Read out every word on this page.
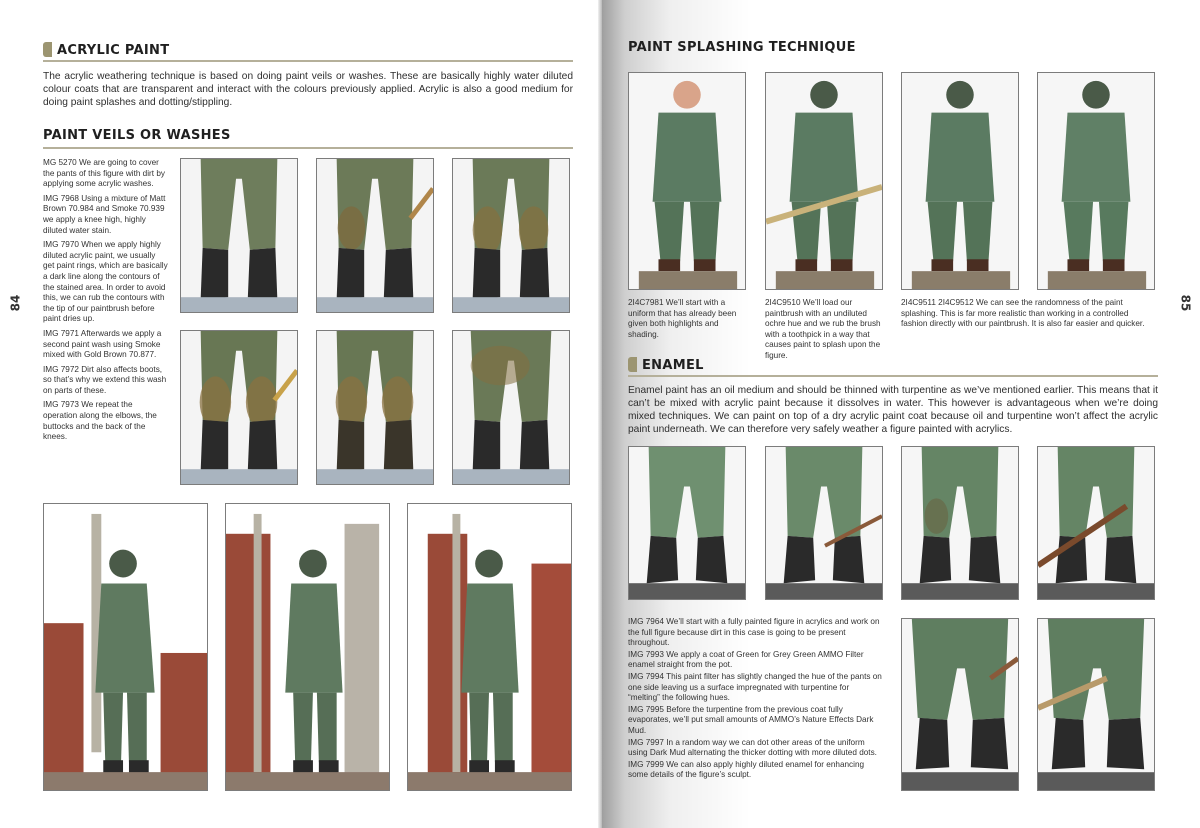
ACRYLIC PAINT
The acrylic weathering technique is based on doing paint veils or washes. These are basically highly water diluted colour coats that are transparent and interact with the colours previously applied. Acrylic is also a good medium for doing paint splashes and dotting/stippling.
PAINT VEILS OR WASHES

MG 5270 We are going to cover the pants of this figure with dirt by applying some acrylic washes.

IMG 7968 Using a mixture of Matt Brown 70.984 and Smoke 70.939 we apply a knee high, highly diluted water stain.

IMG 7970 When we apply highly diluted acrylic paint, we usually get paint rings, which are basically a dark line along the contours of the stained area. In order to avoid this, we can rub the contours with the tip of our paintbrush before paint dries up.

IMG 7971 Afterwards we apply a second paint wash using Smoke mixed with Gold Brown 70.877.

IMG 7972 Dirt also affects boots, so that’s why we extend this wash on parts of these.

IMG 7973 We repeat the operation along the elbows, the buttocks and the back of the knees.

84
PAINT SPLASHING TECHNIQUE
2I4C7981 We’ll start with a uniform that has already been given both highlights and shading.
2I4C9510 We’ll load our paintbrush with an undiluted ochre hue and we rub the brush with a toothpick in a way that causes paint to splash upon the figure.
2I4C9511 2I4C9512 We can see the randomness of the paint splashing. This is far more realistic than working in a controlled fashion directly with our paintbrush. It is also far easier and quicker.
ENAMEL
Enamel paint has an oil medium and should be thinned with turpentine as we’ve mentioned earlier. This means that it can’t be mixed with acrylic paint because it dissolves in water. This however is advantageous when we’re doing mixed techniques. We can paint on top of a dry acrylic paint coat because oil and turpentine won’t affect the acrylic paint underneath. We can therefore very safely weather a figure painted with acrylics.

IMG 7964 We’ll start with a fully painted figure in acrylics and work on the full figure because dirt in this case is going to be present throughout.

IMG 7993 We apply a coat of Green for Grey Green AMMO Filter enamel straight from the pot.

IMG 7994 This paint filter has slightly changed the hue of the pants on one side leaving us a surface impregnated with turpentine for “melting” the following hues.

IMG 7995 Before the turpentine from the previous coat fully evaporates, we’ll put small amounts of AMMO’s Nature Effects Dark Mud.

IMG 7997 In a random way we can dot other areas of the uniform using Dark Mud alternating the thicker dotting with more diluted dots.

IMG 7999 We can also apply highly diluted enamel for enhancing some details of the figure’s sculpt.

85
